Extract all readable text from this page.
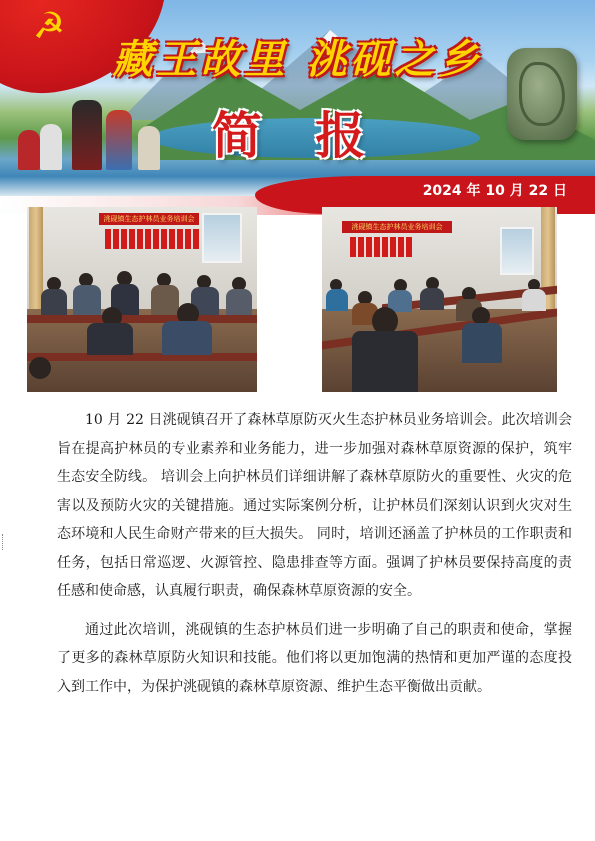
☭
藏王故里 洮砚之乡
简 报
2024 年 10 月 22 日
洮砚镇生态护林员业务培训会
洮砚镇生态护林员业务培训会

10 月 22 日洮砚镇召开了森林草原防灭火生态护林员业务培训会。此次培训会旨在提高护林员的专业素养和业务能力，进一步加强对森林草原资源的保护，筑牢生态安全防线。 培训会上向护林员们详细讲解了森林草原防火的重要性、火灾的危害以及预防火灾的关键措施。通过实际案例分析，让护林员们深刻认识到火灾对生态环境和人民生命财产带来的巨大损失。 同时，培训还涵盖了护林员的工作职责和任务，包括日常巡逻、火源管控、隐患排查等方面。强调了护林员要保持高度的责任感和使命感，认真履行职责，确保森林草原资源的安全。

通过此次培训，洮砚镇的生态护林员们进一步明确了自己的职责和使命，掌握了更多的森林草原防火知识和技能。他们将以更加饱满的热情和更加严谨的态度投入到工作中，为保护洮砚镇的森林草原资源、维护生态平衡做出贡献。
